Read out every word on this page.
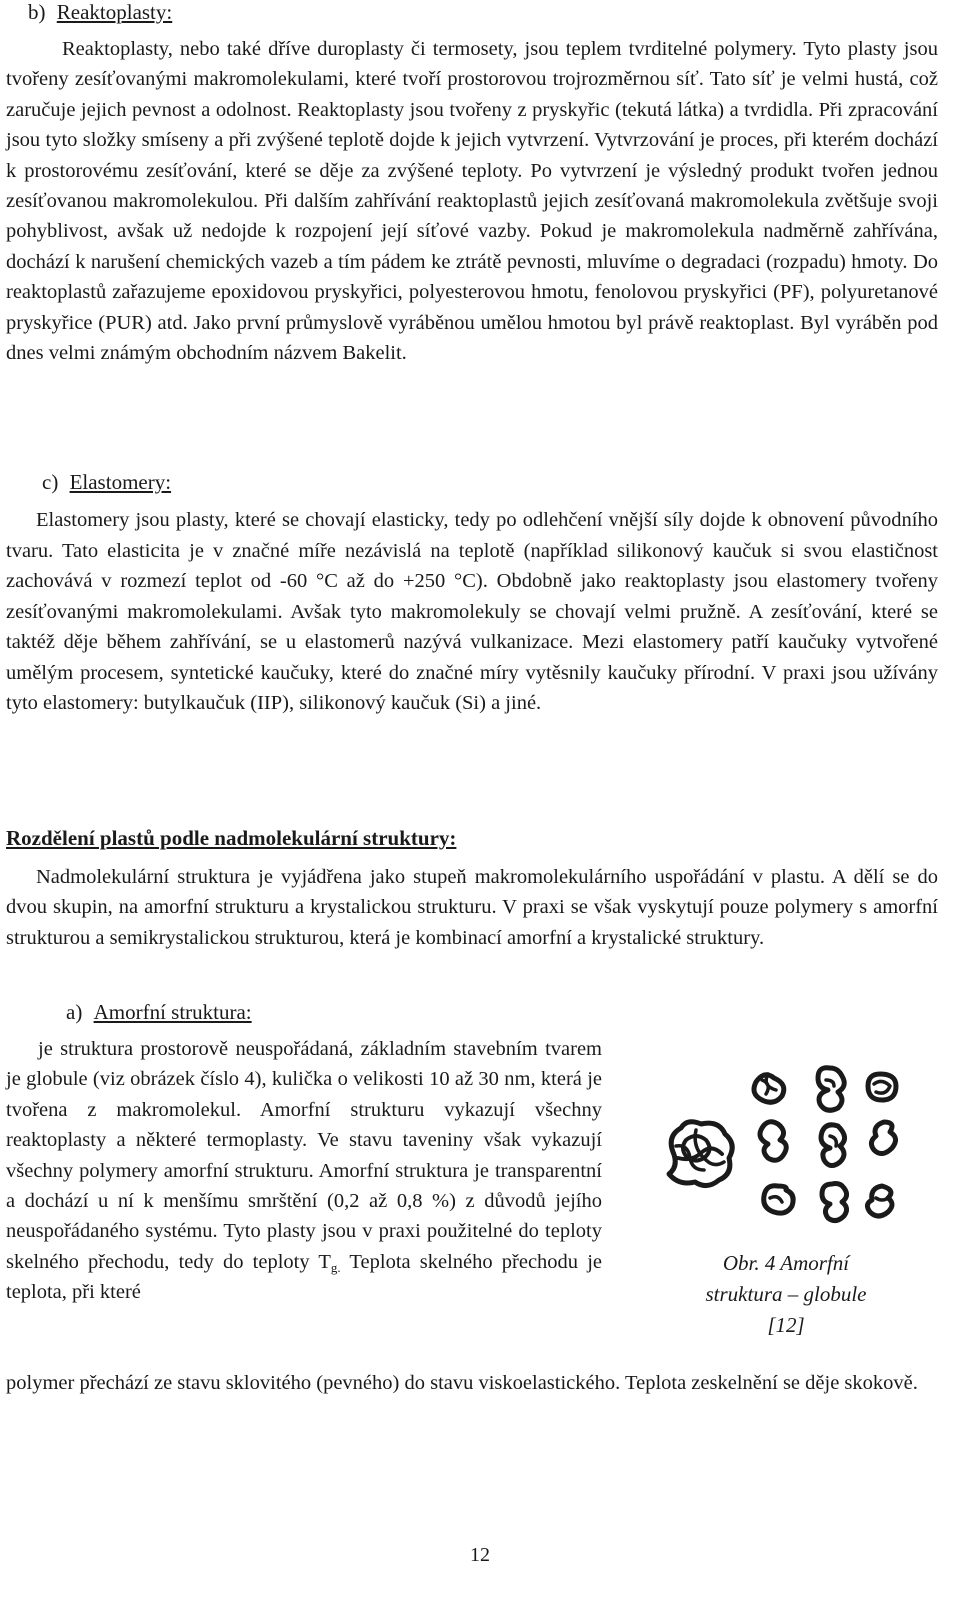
b) Reaktoplasty:

Reaktoplasty, nebo také dříve duroplasty či termosety, jsou teplem tvrditelné polymery. Tyto plasty jsou tvořeny zesíťovanými makromolekulami, které tvoří prostorovou trojrozměrnou síť. Tato síť je velmi hustá, což zaručuje jejich pevnost a odolnost. Reaktoplasty jsou tvořeny z pryskyřic (tekutá látka) a tvrdidla. Při zpracování jsou tyto složky smíseny a při zvýšené teplotě dojde k jejich vytvrzení. Vytvrzování je proces, při kterém dochází k prostorovému zesíťování, které se děje za zvýšené teploty. Po vytvrzení je výsledný produkt tvořen jednou zesíťovanou makromolekulou. Při dalším zahřívání reaktoplastů jejich zesíťovaná makromolekula zvětšuje svoji pohyblivost, avšak už nedojde k rozpojení její síťové vazby. Pokud je makromolekula nadměrně zahřívána, dochází k narušení chemických vazeb a tím pádem ke ztrátě pevnosti, mluvíme o degradaci (rozpadu) hmoty. Do reaktoplastů zařazujeme epoxidovou pryskyřici, polyesterovou hmotu, fenolovou pryskyřici (PF), polyuretanové pryskyřice (PUR) atd. Jako první průmyslově vyráběnou umělou hmotou byl právě reaktoplast. Byl vyráběn pod dnes velmi známým obchodním názvem Bakelit.

c) Elastomery:

Elastomery jsou plasty, které se chovají elasticky, tedy po odlehčení vnější síly dojde k obnovení původního tvaru. Tato elasticita je v značné míře nezávislá na teplotě (například silikonový kaučuk si svou elastičnost zachovává v rozmezí teplot od -60 °C až do +250 °C). Obdobně jako reaktoplasty jsou elastomery tvořeny zesíťovanými makromolekulami. Avšak tyto makromolekuly se chovají velmi pružně. A zesíťování, které se taktéž děje během zahřívání, se u elastomerů nazývá vulkanizace. Mezi elastomery patří kaučuky vytvořené umělým procesem, syntetické kaučuky, které do značné míry vytěsnily kaučuky přírodní. V praxi jsou užívány tyto elastomery: butylkaučuk (IIP), silikonový kaučuk (Si) a jiné.

Rozdělení plastů podle nadmolekulární struktury:

Nadmolekulární struktura je vyjádřena jako stupeň makromolekulárního uspořádání v plastu. A dělí se do dvou skupin, na amorfní strukturu a krystalickou strukturu. V praxi se však vyskytují pouze polymery s amorfní strukturou a semikrystalickou strukturou, která je kombinací amorfní a krystalické struktury.

a) Amorfní struktura:

je struktura prostorově neuspořádaná, základním stavebním tvarem je globule (viz obrázek číslo 4), kulička o velikosti 10 až 30 nm, která je tvořena z makromolekul. Amorfní strukturu vykazují všechny reaktoplasty a některé termoplasty. Ve stavu taveniny však vykazují všechny polymery amorfní strukturu. Amorfní struktura je transparentní a dochází u ní k menšímu smrštění (0,2 až 0,8 %) z důvodů jejího neuspořádaného systému. Tyto plasty jsou v praxi použitelné do teploty skelného přechodu, tedy do teploty $T_{g.}$ Teplota skelného přechodu je teplota, při které

polymer přechází ze stavu sklovitého (pevného) do stavu viskoelastického. Teplota zeskelnění se děje skokově.

Obr. 4 Amorfní
struktura – globule
[12]
12
